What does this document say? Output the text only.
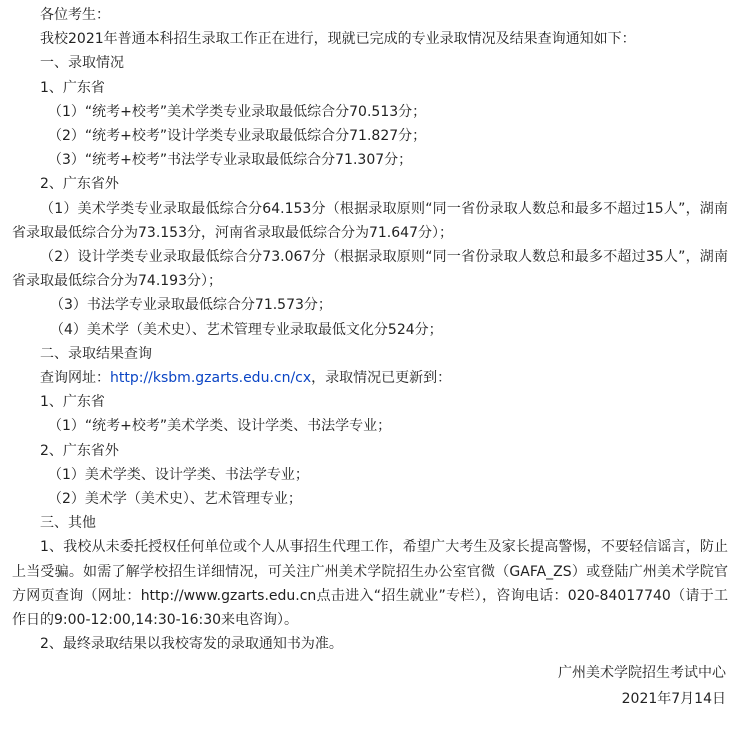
各位考生：
我校2021年普通本科招生录取工作正在进行，现就已完成的专业录取情况及结果查询通知如下：
一、录取情况
1、广东省
（1）“统考+校考”美术学类专业录取最低综合分70.513分；
（2）“统考+校考”设计学类专业录取最低综合分71.827分；
（3）“统考+校考”书法学专业录取最低综合分71.307分；
2、广东省外
（1）美术学类专业录取最低综合分64.153分（根据录取原则“同一省份录取人数总和最多不超过15人”，湖南省录取最低综合分为73.153分，河南省录取最低综合分为71.647分）；
（2）设计学类专业录取最低综合分73.067分（根据录取原则“同一省份录取人数总和最多不超过35人”，湖南省录取最低综合分为74.193分）；
（3）书法学专业录取最低综合分71.573分；
（4）美术学（美术史）、艺术管理专业录取最低文化分524分；
二、录取结果查询
查询网址：http://ksbm.gzarts.edu.cn/cx，录取情况已更新到：
1、广东省
（1）“统考+校考”美术学类、设计学类、书法学专业；
2、广东省外
（1）美术学类、设计学类、书法学专业；
（2）美术学（美术史）、艺术管理专业；
三、其他
1、我校从未委托授权任何单位或个人从事招生代理工作，希望广大考生及家长提高警惕，不要轻信谣言，防止上当受骗。如需了解学校招生详细情况，可关注广州美术学院招生办公室官微（GAFA_ZS）或登陆广州美术学院官方网页查询（网址：http://www.gzarts.edu.cn点击进入“招生就业”专栏），咨询电话：020-84017740（请于工作日的9:00-12:00,14:30-16:30来电咨询）。
2、最终录取结果以我校寄发的录取通知书为准。
广州美术学院招生考试中心
2021年7月14日
